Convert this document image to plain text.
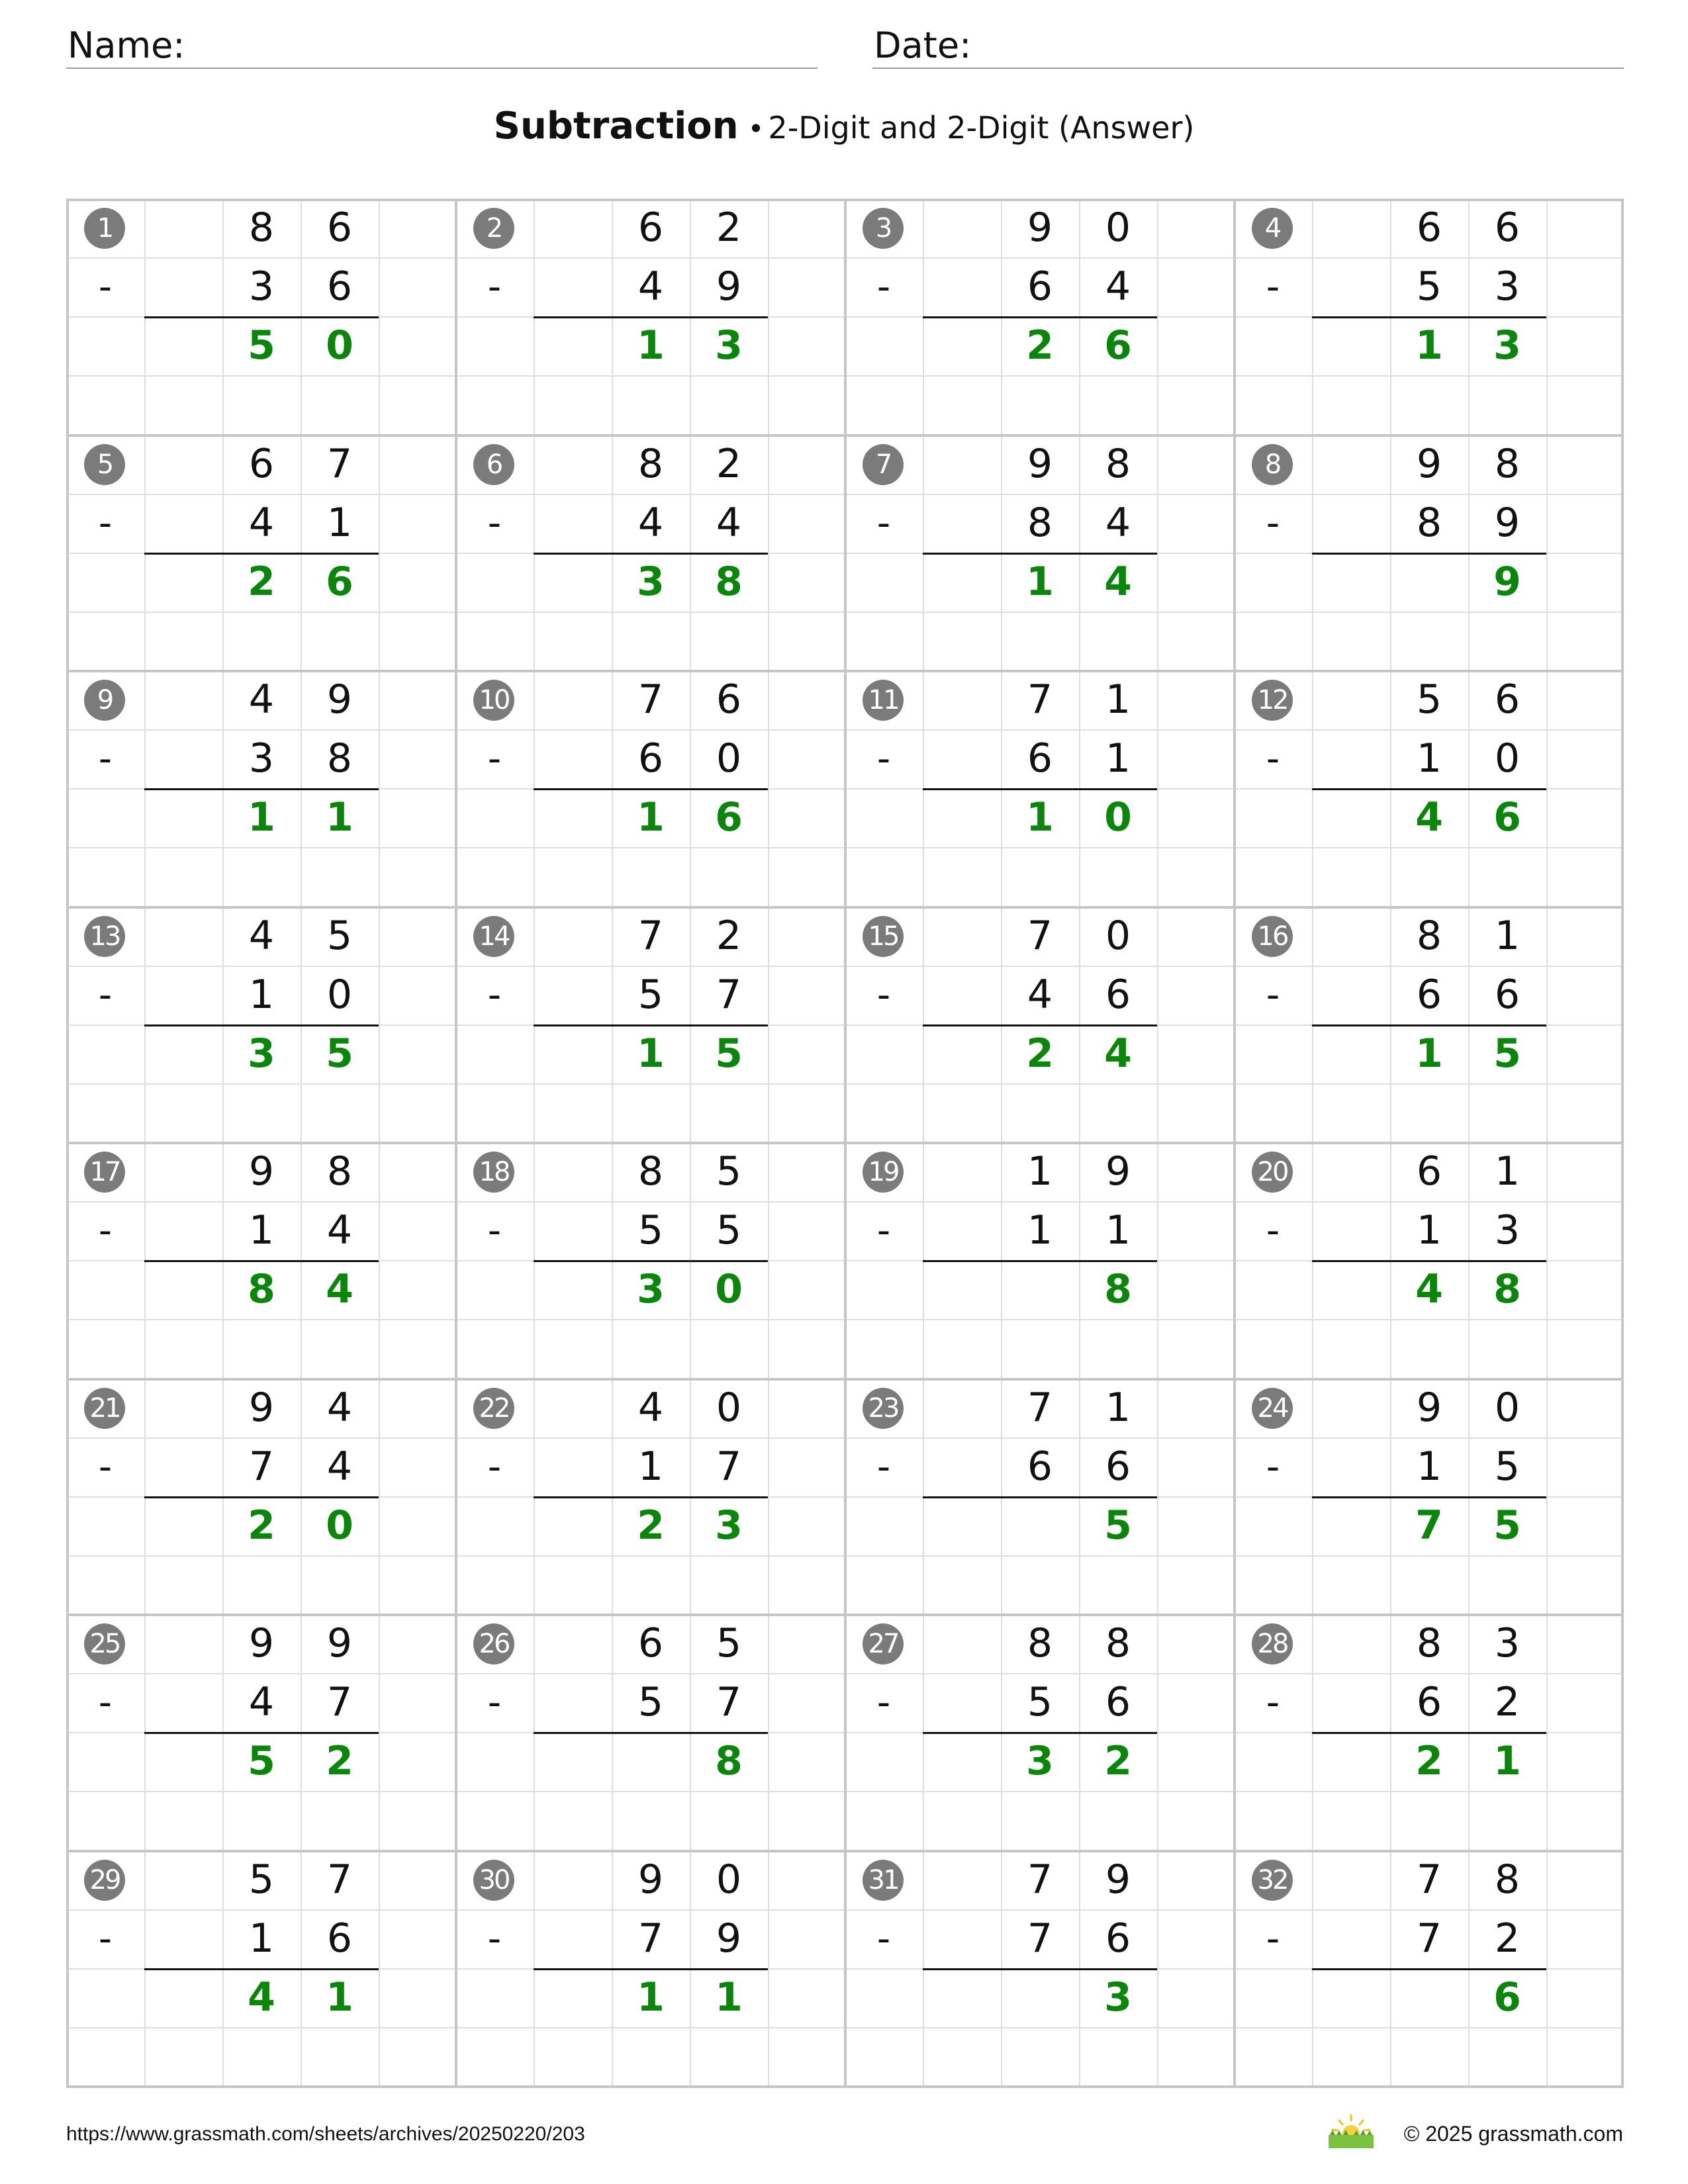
Name:	Date:
Subtraction • 2-Digit and 2-Digit (Answer)
1
-
8	6
3	6
5	0
2
-
6	2
4	9
1	3
3
-
9	0
6	4
2	6
4
-
6	6
5	3
1	3
5
-
6	7
4	1
2	6
6
-
8	2
4	4
3	8
7
-
9	8
8	4
1	4
8
-
9	8
8	9
9
9
-
4	9
3	8
1	1
10
-
7	6
6	0
1	6
11
-
7	1
6	1
1	0
12
-
5	6
1	0
4	6
13
-
4	5
1	0
3	5
14
-
7	2
5	7
1	5
15
-
7	0
4	6
2	4
16
-
8	1
6	6
1	5
17
-
9	8
1	4
8	4
18
-
8	5
5	5
3	0
19
-
1	9
1	1
8
20
-
6	1
1	3
4	8
21
-
9	4
7	4
2	0
22
-
4	0
1	7
2	3
23
-
7	1
6	6
5
24
-
9	0
1	5
7	5
25
-
9	9
4	7
5	2
26
-
6	5
5	7
8
27
-
8	8
5	6
3	2
28
-
8	3
6	2
2	1
29
-
5	7
1	6
4	1
30
-
9	0
7	9
1	1
31
-
7	9
7	6
3
32
-
7	8
7	2
6
https://www.grassmath.com/sheets/archives/20250220/203	© 2025 grassmath.com
